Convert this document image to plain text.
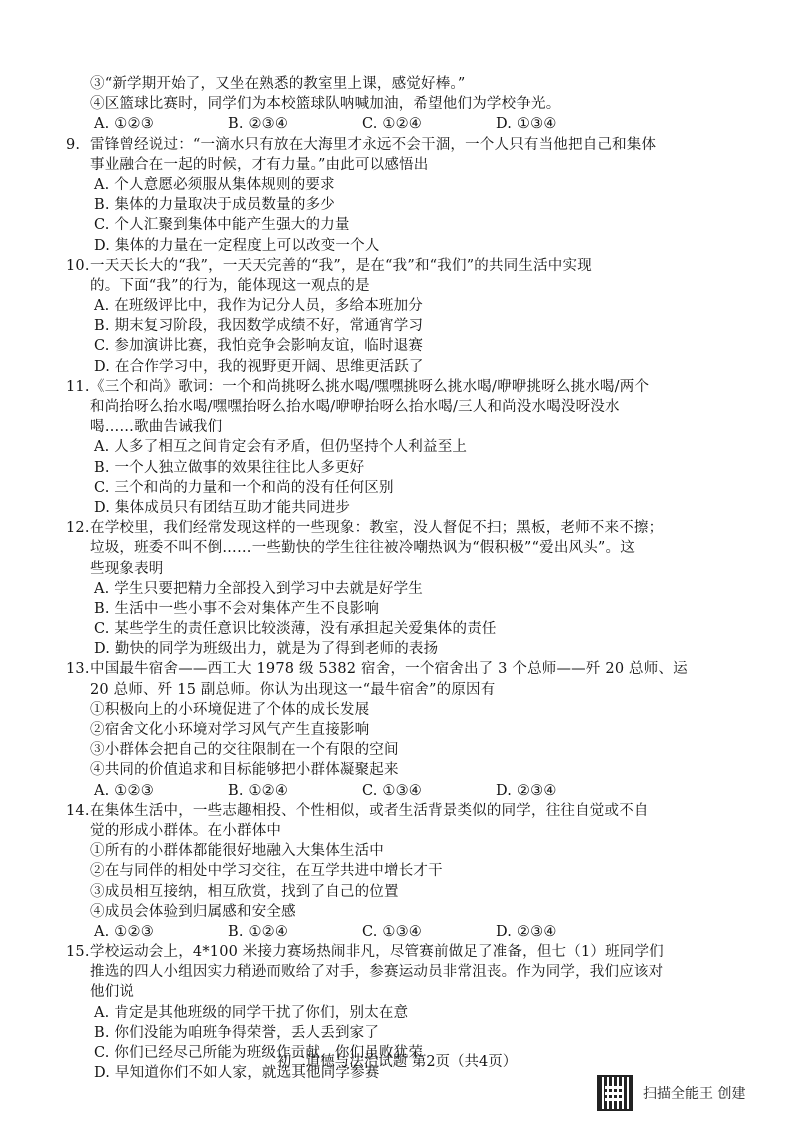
③“新学期开始了，又坐在熟悉的教室里上课，感觉好棒。”
④区篮球比赛时，同学们为本校篮球队呐喊加油，希望他们为学校争光。
A. ①②③	B. ②③④	C. ①②④	D. ①③④
9. 雷锋曾经说过：“一滴水只有放在大海里才永远不会干涸，一个人只有当他把自己和集体
事业融合在一起的时候，才有力量。”由此可以感悟出
A. 个人意愿必须服从集体规则的要求
B. 集体的力量取决于成员数量的多少
C. 个人汇聚到集体中能产生强大的力量
D. 集体的力量在一定程度上可以改变一个人
10.一天天长大的“我”，一天天完善的“我”，是在“我”和“我们”的共同生活中实现
的。下面“我”的行为，能体现这一观点的是
A. 在班级评比中，我作为记分人员，多给本班加分
B. 期末复习阶段，我因数学成绩不好，常通宵学习
C. 参加演讲比赛，我怕竞争会影响友谊，临时退赛
D. 在合作学习中，我的视野更开阔、思维更活跃了
11.《三个和尚》歌词：一个和尚挑呀么挑水喝/嘿嘿挑呀么挑水喝/咿咿挑呀么挑水喝/两个
和尚抬呀么抬水喝/嘿嘿抬呀么抬水喝/咿咿抬呀么抬水喝/三人和尚没水喝没呀没水
喝……歌曲告诫我们
A. 人多了相互之间肯定会有矛盾，但仍坚持个人利益至上
B. 一个人独立做事的效果往往比人多更好
C. 三个和尚的力量和一个和尚的没有任何区别
D. 集体成员只有团结互助才能共同进步
12.在学校里，我们经常发现这样的一些现象：教室，没人督促不扫；黑板，老师不来不擦；
垃圾，班委不叫不倒……一些勤快的学生往往被冷嘲热讽为“假积极”“爱出风头”。这
些现象表明
A. 学生只要把精力全部投入到学习中去就是好学生
B. 生活中一些小事不会对集体产生不良影响
C. 某些学生的责任意识比较淡薄，没有承担起关爱集体的责任
D. 勤快的同学为班级出力，就是为了得到老师的表扬
13.中国最牛宿舍——西工大 1978 级 5382 宿舍，一个宿舍出了 3 个总师——歼 20 总师、运
20 总师、歼 15 副总师。你认为出现这一“最牛宿舍”的原因有
①积极向上的小环境促进了个体的成长发展
②宿舍文化小环境对学习风气产生直接影响
③小群体会把自己的交往限制在一个有限的空间
④共同的价值追求和目标能够把小群体凝聚起来
A. ①②③	B. ①②④	C. ①③④	D. ②③④
14.在集体生活中，一些志趣相投、个性相似，或者生活背景类似的同学，往往自觉或不自
觉的形成小群体。在小群体中
①所有的小群体都能很好地融入大集体生活中
②在与同伴的相处中学习交往，在互学共进中增长才干
③成员相互接纳，相互欣赏，找到了自己的位置
④成员会体验到归属感和安全感
A. ①②③	B. ①②④	C. ①③④	D. ②③④
15.学校运动会上，4*100 米接力赛场热闹非凡，尽管赛前做足了准备，但七（1）班同学们
推选的四人小组因实力稍逊而败给了对手，参赛运动员非常沮丧。作为同学，我们应该对
他们说
A. 肯定是其他班级的同学干扰了你们，别太在意
B. 你们没能为咱班争得荣誉，丢人丢到家了
C. 你们已经尽己所能为班级作贡献，你们虽败犹荣
D. 早知道你们不如人家，就选其他同学参赛
初二道德与法治试题 第2页（共4页）
扫描全能王 创建
